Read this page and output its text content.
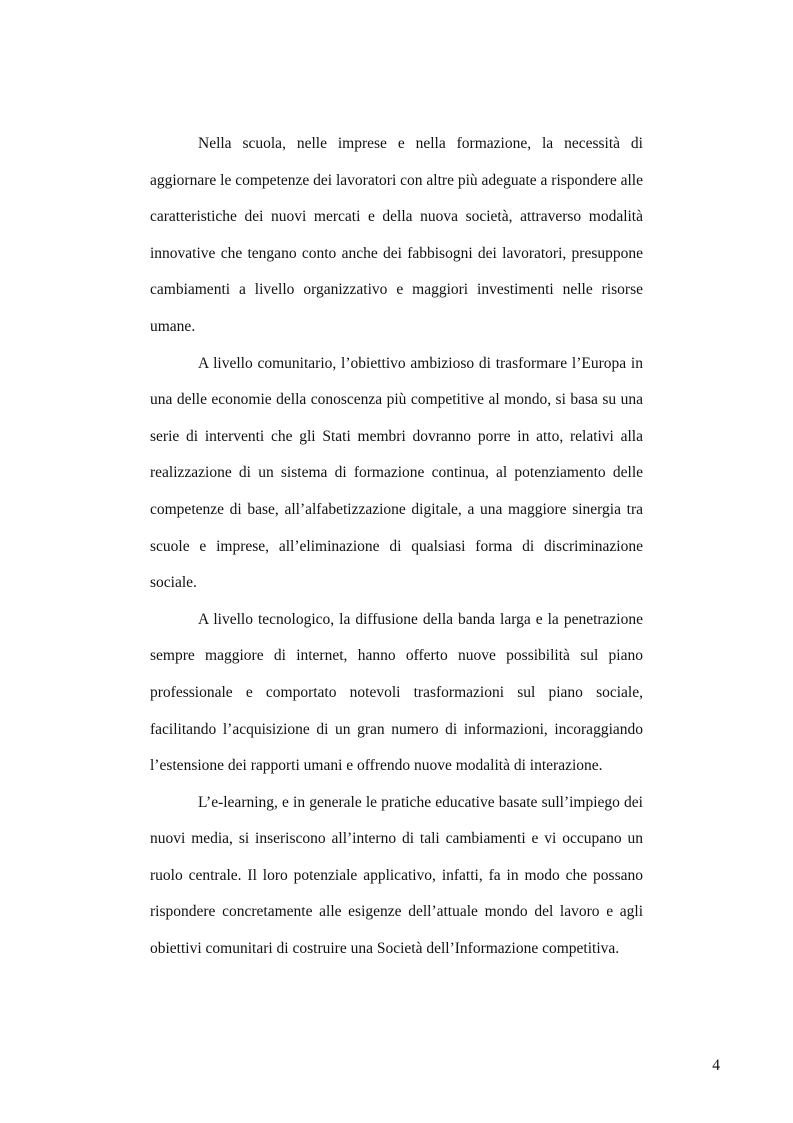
Nella scuola, nelle imprese e nella formazione, la necessità di aggiornare le competenze dei lavoratori con altre più adeguate a rispondere alle caratteristiche dei nuovi mercati e della nuova società, attraverso modalità innovative che tengano conto anche dei fabbisogni dei lavoratori, presuppone cambiamenti a livello organizzativo e maggiori investimenti nelle risorse umane.

A livello comunitario, l’obiettivo ambizioso di trasformare l’Europa in una delle economie della conoscenza più competitive al mondo, si basa su una serie di interventi che gli Stati membri dovranno porre in atto, relativi alla realizzazione di un sistema di formazione continua, al potenziamento delle competenze di base, all’alfabetizzazione digitale, a una maggiore sinergia tra scuole e imprese, all’eliminazione di qualsiasi forma di discriminazione sociale.

A livello tecnologico, la diffusione della banda larga e la penetrazione sempre maggiore di internet, hanno offerto nuove possibilità sul piano professionale e comportato notevoli trasformazioni sul piano sociale, facilitando l’acquisizione di un gran numero di informazioni, incoraggiando l’estensione dei rapporti umani e offrendo nuove modalità di interazione.

L’e-learning, e in generale le pratiche educative basate sull’impiego dei nuovi media, si inseriscono all’interno di tali cambiamenti e vi occupano un ruolo centrale. Il loro potenziale applicativo, infatti, fa in modo che possano rispondere concretamente alle esigenze dell’attuale mondo del lavoro e agli obiettivi comunitari di costruire una Società dell’Informazione competitiva.

4
